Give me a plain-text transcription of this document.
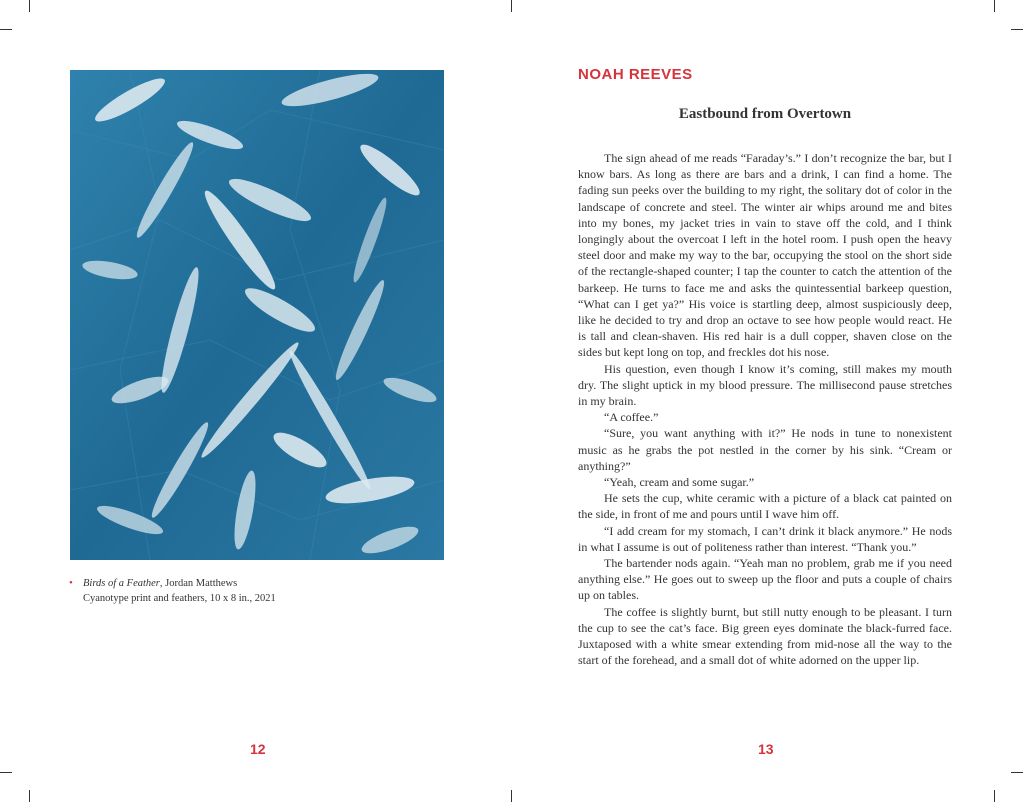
• Birds of a Feather, Jordan Matthews
Cyanotype print and feathers, 10 x 8 in., 2021
12
NOAH REEVES
Eastbound from Overtown

The sign ahead of me reads “Faraday’s.” I don’t recognize the bar, but I know bars. As long as there are bars and a drink, I can find a home. The fading sun peeks over the building to my right, the solitary dot of color in the landscape of concrete and steel. The winter air whips around me and bites into my bones, my jacket tries in vain to stave off the cold, and I think longingly about the overcoat I left in the hotel room. I push open the heavy steel door and make my way to the bar, occupying the stool on the short side of the rectangle-shaped counter; I tap the counter to catch the attention of the barkeep. He turns to face me and asks the quintessential barkeep question, “What can I get ya?” His voice is startling deep, almost suspiciously deep, like he decided to try and drop an octave to see how people would react. He is tall and clean-shaven. His red hair is a dull copper, shaven close on the sides but kept long on top, and freckles dot his nose.

His question, even though I know it’s coming, still makes my mouth dry. The slight uptick in my blood pressure. The millisecond pause stretches in my brain.

“A coffee.”

“Sure, you want anything with it?” He nods in tune to nonexistent music as he grabs the pot nestled in the corner by his sink. “Cream or anything?”

“Yeah, cream and some sugar.”

He sets the cup, white ceramic with a picture of a black cat painted on the side, in front of me and pours until I wave him off.

“I add cream for my stomach, I can’t drink it black anymore.” He nods in what I assume is out of politeness rather than interest. “Thank you.”

The bartender nods again. “Yeah man no problem, grab me if you need anything else.” He goes out to sweep up the floor and puts a couple of chairs up on tables.

The coffee is slightly burnt, but still nutty enough to be pleasant. I turn the cup to see the cat’s face. Big green eyes dominate the black-furred face. Juxtaposed with a white smear extending from mid-nose all the way to the start of the forehead, and a small dot of white adorned on the upper lip.

13
